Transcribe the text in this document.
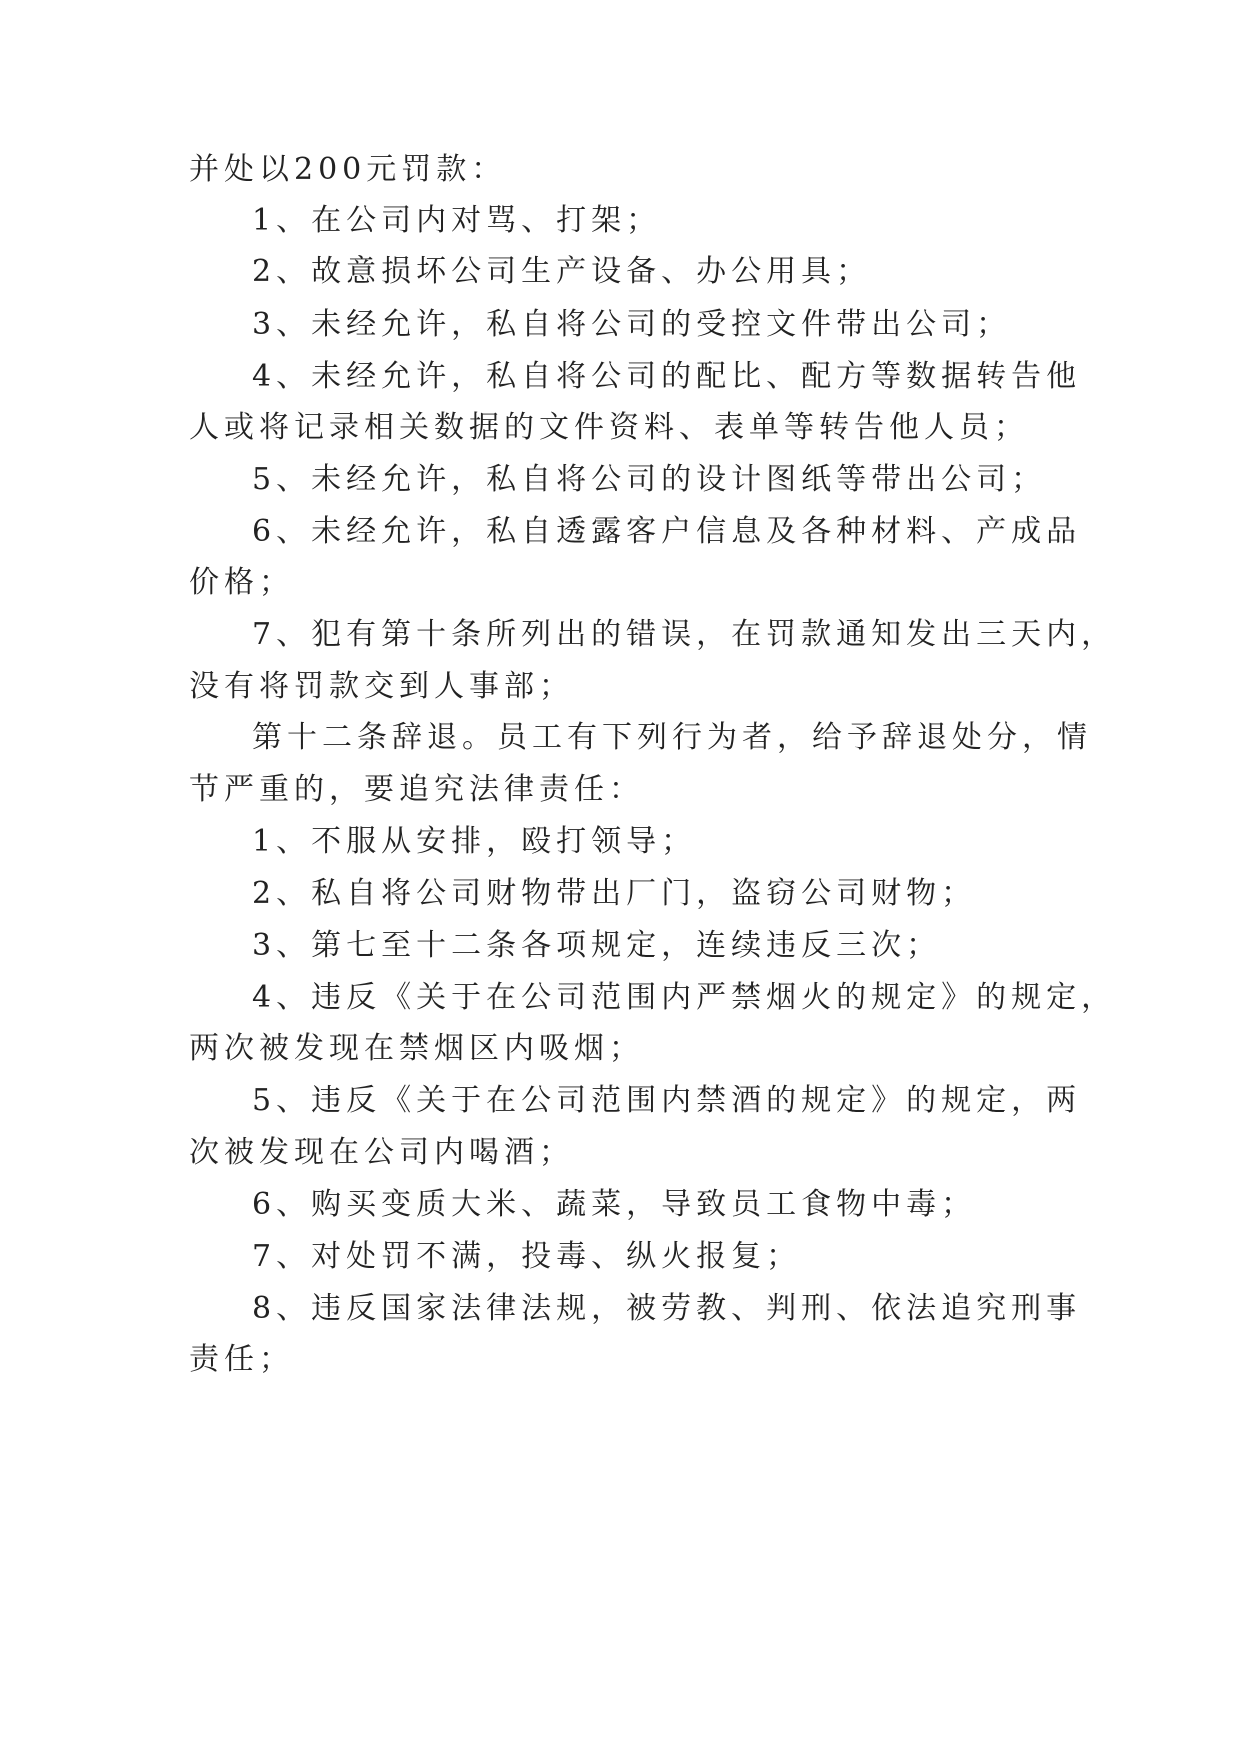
并处以200元罚款：
1、在公司内对骂、打架；
2、故意损坏公司生产设备、办公用具；
3、未经允许，私自将公司的受控文件带出公司；
4、未经允许，私自将公司的配比、配方等数据转告他
人或将记录相关数据的文件资料、表单等转告他人员；
5、未经允许，私自将公司的设计图纸等带出公司；
6、未经允许，私自透露客户信息及各种材料、产成品
价格；
7、犯有第十条所列出的错误，在罚款通知发出三天内，
没有将罚款交到人事部；
第十二条辞退。员工有下列行为者，给予辞退处分，情
节严重的，要追究法律责任：
1、不服从安排，殴打领导；
2、私自将公司财物带出厂门，盗窃公司财物；
3、第七至十二条各项规定，连续违反三次；
4、违反《关于在公司范围内严禁烟火的规定》的规定，
两次被发现在禁烟区内吸烟；
5、违反《关于在公司范围内禁酒的规定》的规定，两
次被发现在公司内喝酒；
6、购买变质大米、蔬菜，导致员工食物中毒；
7、对处罚不满，投毒、纵火报复；
8、违反国家法律法规，被劳教、判刑、依法追究刑事
责任；
